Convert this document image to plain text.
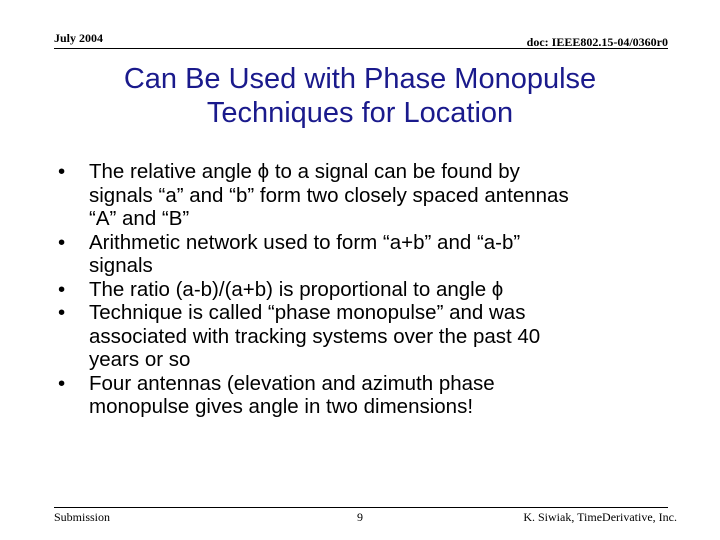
July 2004	doc: IEEE802.15-04/0360r0
Can Be Used with Phase Monopulse
Techniques for Location
• The relative angle ϕ to a signal can be found by
signals “a” and “b” form two closely spaced antennas
“A” and “B”
• Arithmetic network used to form “a+b” and “a-b”
signals
• The ratio (a-b)/(a+b) is proportional to angle ϕ
• Technique is called “phase monopulse” and was
associated with tracking systems over the past 40
years or so
• Four antennas (elevation and azimuth phase
monopulse gives angle in two dimensions!
Submission	9	K. Siwiak, TimeDerivative, Inc.
